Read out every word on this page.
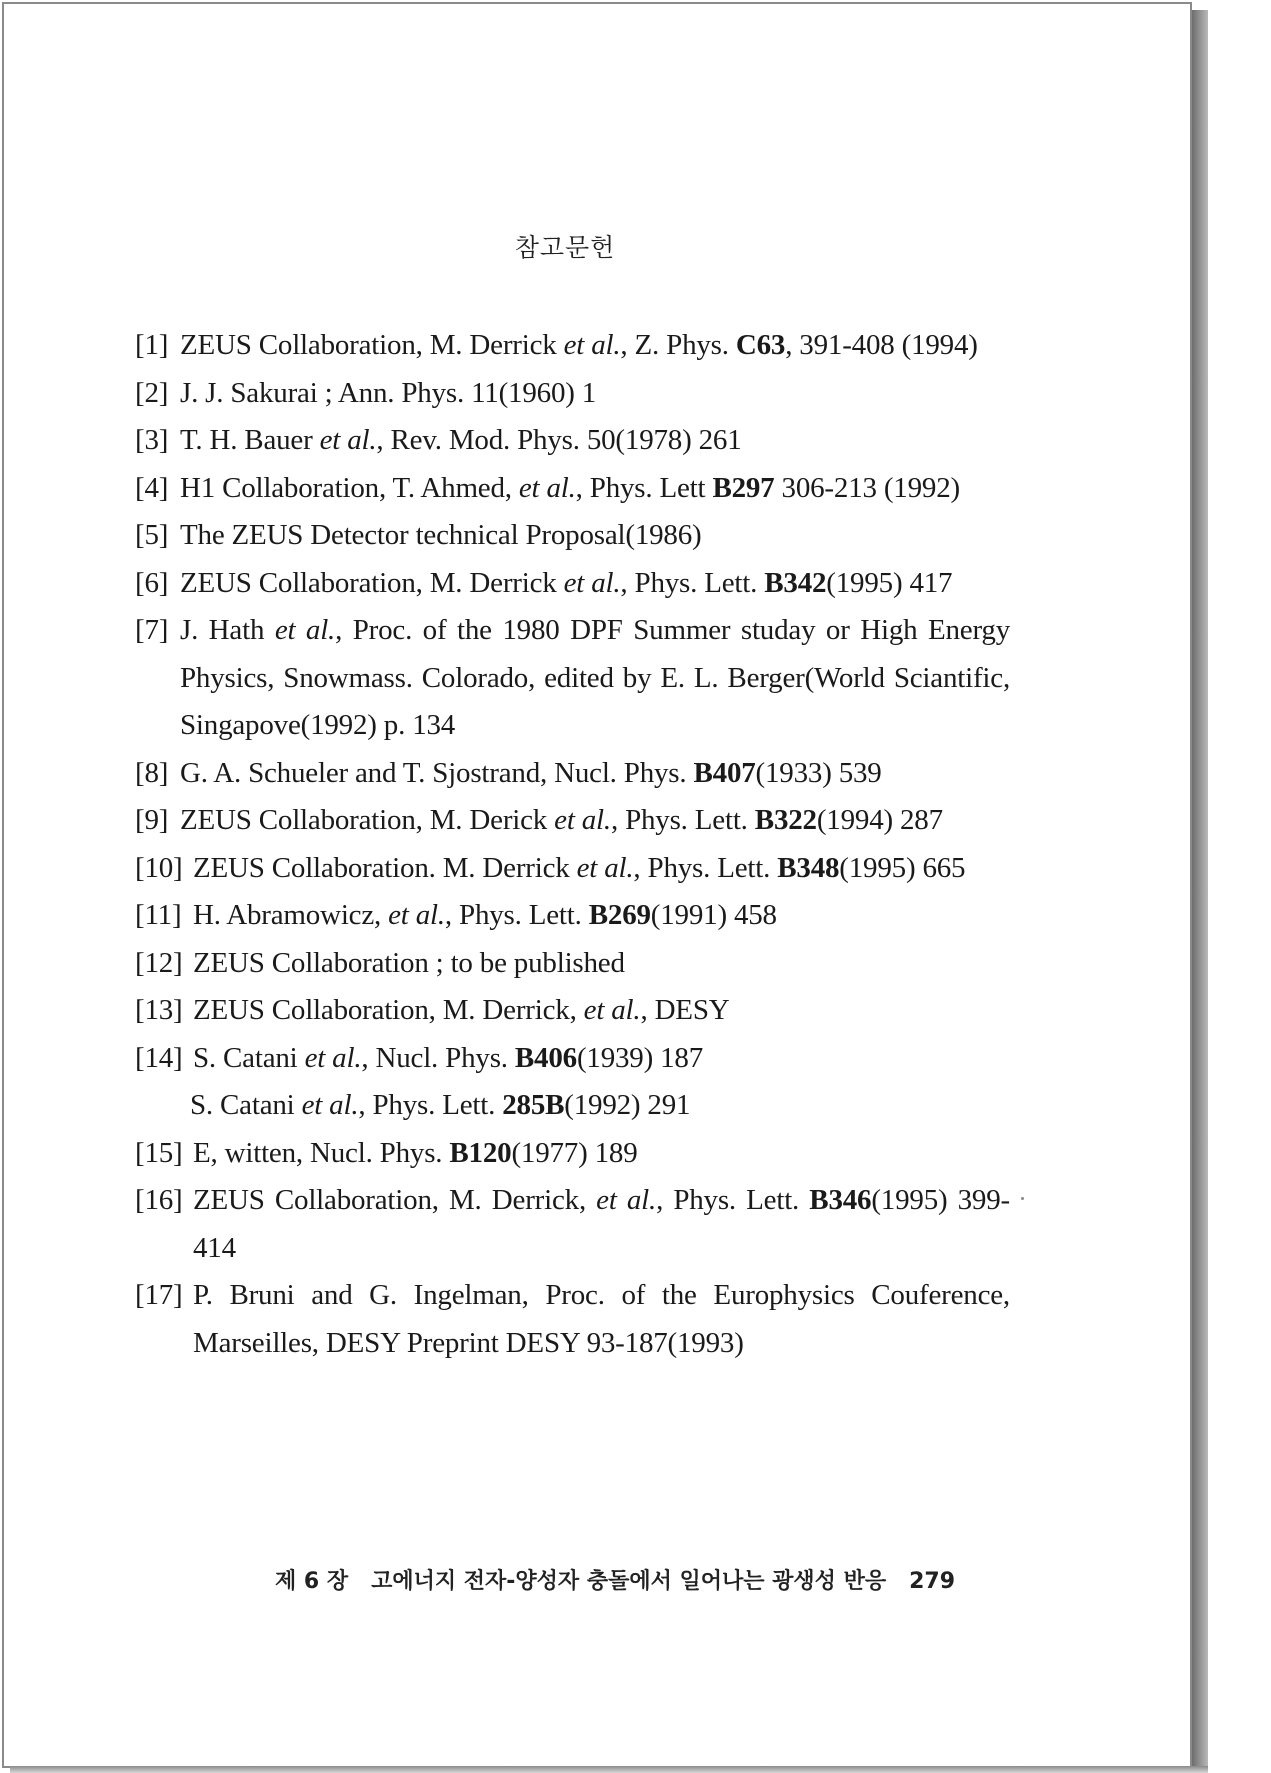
참고문헌
[1] ZEUS Collaboration, M. Derrick et al., Z. Phys. C63, 391-408 (1994)
[2] J. J. Sakurai ; Ann. Phys. 11(1960) 1
[3] T. H. Bauer et al., Rev. Mod. Phys. 50(1978) 261
[4] H1 Collaboration, T. Ahmed, et al., Phys. Lett B297 306-213 (1992)
[5] The ZEUS Detector technical Proposal(1986)
[6] ZEUS Collaboration, M. Derrick et al., Phys. Lett. B342(1995) 417
[7] J. Hath et al., Proc. of the 1980 DPF Summer studay or High Energy Physics, Snowmass. Colorado, edited by E. L. Berger(World Sciantific, Singapove(1992) p. 134
[8] G. A. Schueler and T. Sjostrand, Nucl. Phys. B407(1933) 539
[9] ZEUS Collaboration, M. Derick et al., Phys. Lett. B322(1994) 287
[10] ZEUS Collaboration. M. Derrick et al., Phys. Lett. B348(1995) 665
[11] H. Abramowicz, et al., Phys. Lett. B269(1991) 458
[12] ZEUS Collaboration ; to be published
[13] ZEUS Collaboration, M. Derrick, et al., DESY
[14] S. Catani et al., Nucl. Phys. B406(1939) 187
S. Catani et al., Phys. Lett. 285B(1992) 291
[15] E, witten, Nucl. Phys. B120(1977) 189
[16] ZEUS Collaboration, M. Derrick, et al., Phys. Lett. B346(1995) 399-414
[17] P. Bruni and G. Ingelman, Proc. of the Europhysics Couference, Marseilles, DESY Preprint DESY 93-187(1993)
제 6 장 고에너지 전자-양성자 충돌에서 일어나는 광생성 반응 279
